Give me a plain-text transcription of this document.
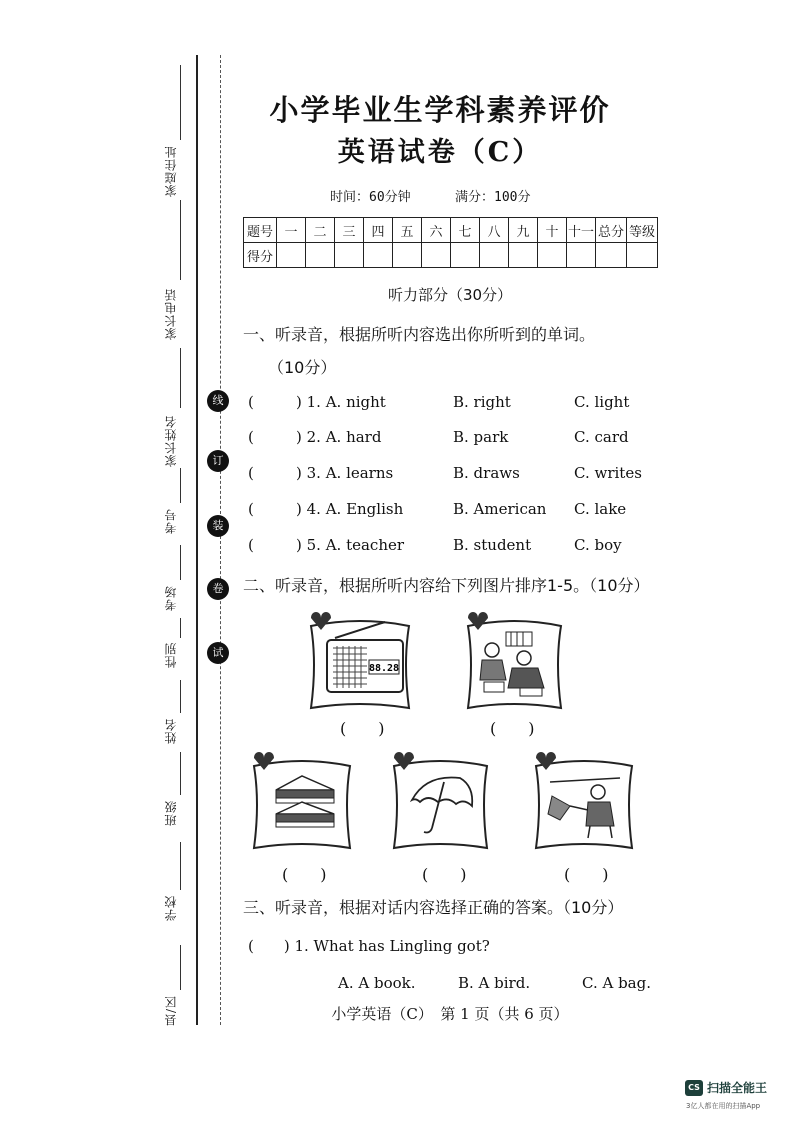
家庭住址
家长电话
家长姓名
考号
考场
性别
姓名
班级
学校
县/区
线
订
装
卷
试
小学毕业生学科素养评价
英语试卷（C）
时间：60分钟	满分：100分
题号	一	二	三	四	五	六	七	八	九	十	十一	总分	等级
得分													
听力部分（30分）
一、听录音，根据所听内容选出你所听到的单词。
（10分）
(	) 1. A. night	B. right	C. light
(	) 2. A. hard	B. park	C. card
(	) 3. A. learns	B. draws	C. writes
(	) 4. A. English	B. American C. lake
(	) 5. A. teacher	B. student	C. boy
二、听录音，根据所听内容给下列图片排序1-5。（10分）
88.28
(　　)	(　　)
(　　)	(　　)	(　　)
三、听录音，根据对话内容选择正确的答案。（10分）
(　　) 1. What has Lingling got?
A. A book.	B. A bird.	C. A bag.
小学英语（C）　第 1 页（共 6 页）
CS 扫描全能王
3亿人都在用的扫描App
